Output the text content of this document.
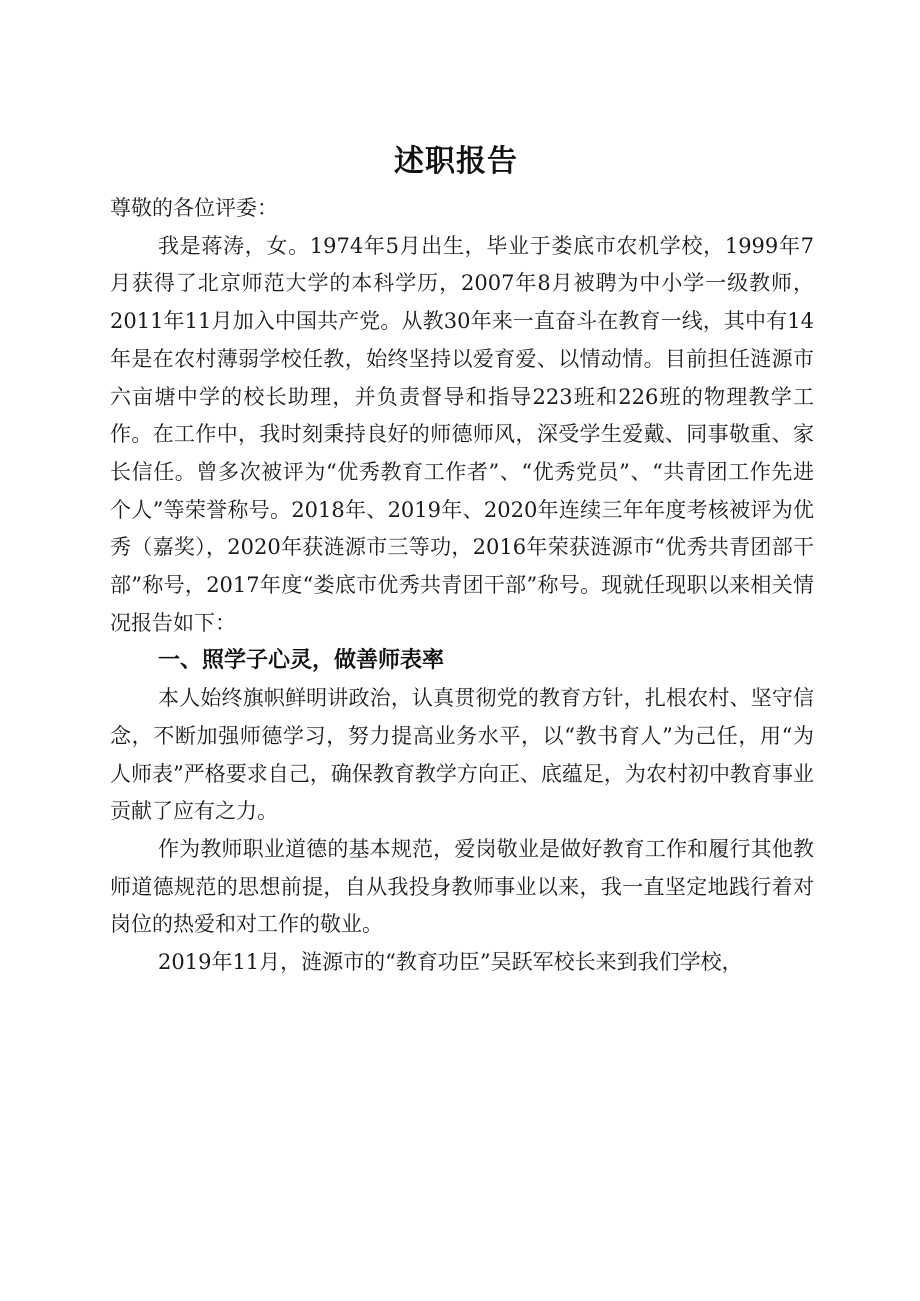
述职报告

尊敬的各位评委：

我是蒋涛，女。1974年5月出生，毕业于娄底市农机学校，1999年7月获得了北京师范大学的本科学历，2007年8月被聘为中小学一级教师，2011年11月加入中国共产党。从教30年来一直奋斗在教育一线，其中有14年是在农村薄弱学校任教，始终坚持以爱育爱、以情动情。目前担任涟源市六亩塘中学的校长助理，并负责督导和指导223班和226班的物理教学工作。在工作中，我时刻秉持良好的师德师风，深受学生爱戴、同事敬重、家长信任。曾多次被评为“优秀教育工作者”、“优秀党员”、“共青团工作先进个人”等荣誉称号。2018年、2019年、2020年连续三年年度考核被评为优秀（嘉奖），2020年获涟源市三等功，2016年荣获涟源市“优秀共青团部干部”称号，2017年度“娄底市优秀共青团干部”称号。现就任现职以来相关情况报告如下：

一、照学子心灵，做善师表率

本人始终旗帜鲜明讲政治，认真贯彻党的教育方针，扎根农村、坚守信念，不断加强师德学习，努力提高业务水平，以“教书育人”为己任，用“为人师表”严格要求自己，确保教育教学方向正、底蕴足，为农村初中教育事业贡献了应有之力。

作为教师职业道德的基本规范，爱岗敬业是做好教育工作和履行其他教师道德规范的思想前提，自从我投身教师事业以来，我一直坚定地践行着对岗位的热爱和对工作的敬业。

2019年11月，涟源市的“教育功臣”吴跃军校长来到我们学校，
